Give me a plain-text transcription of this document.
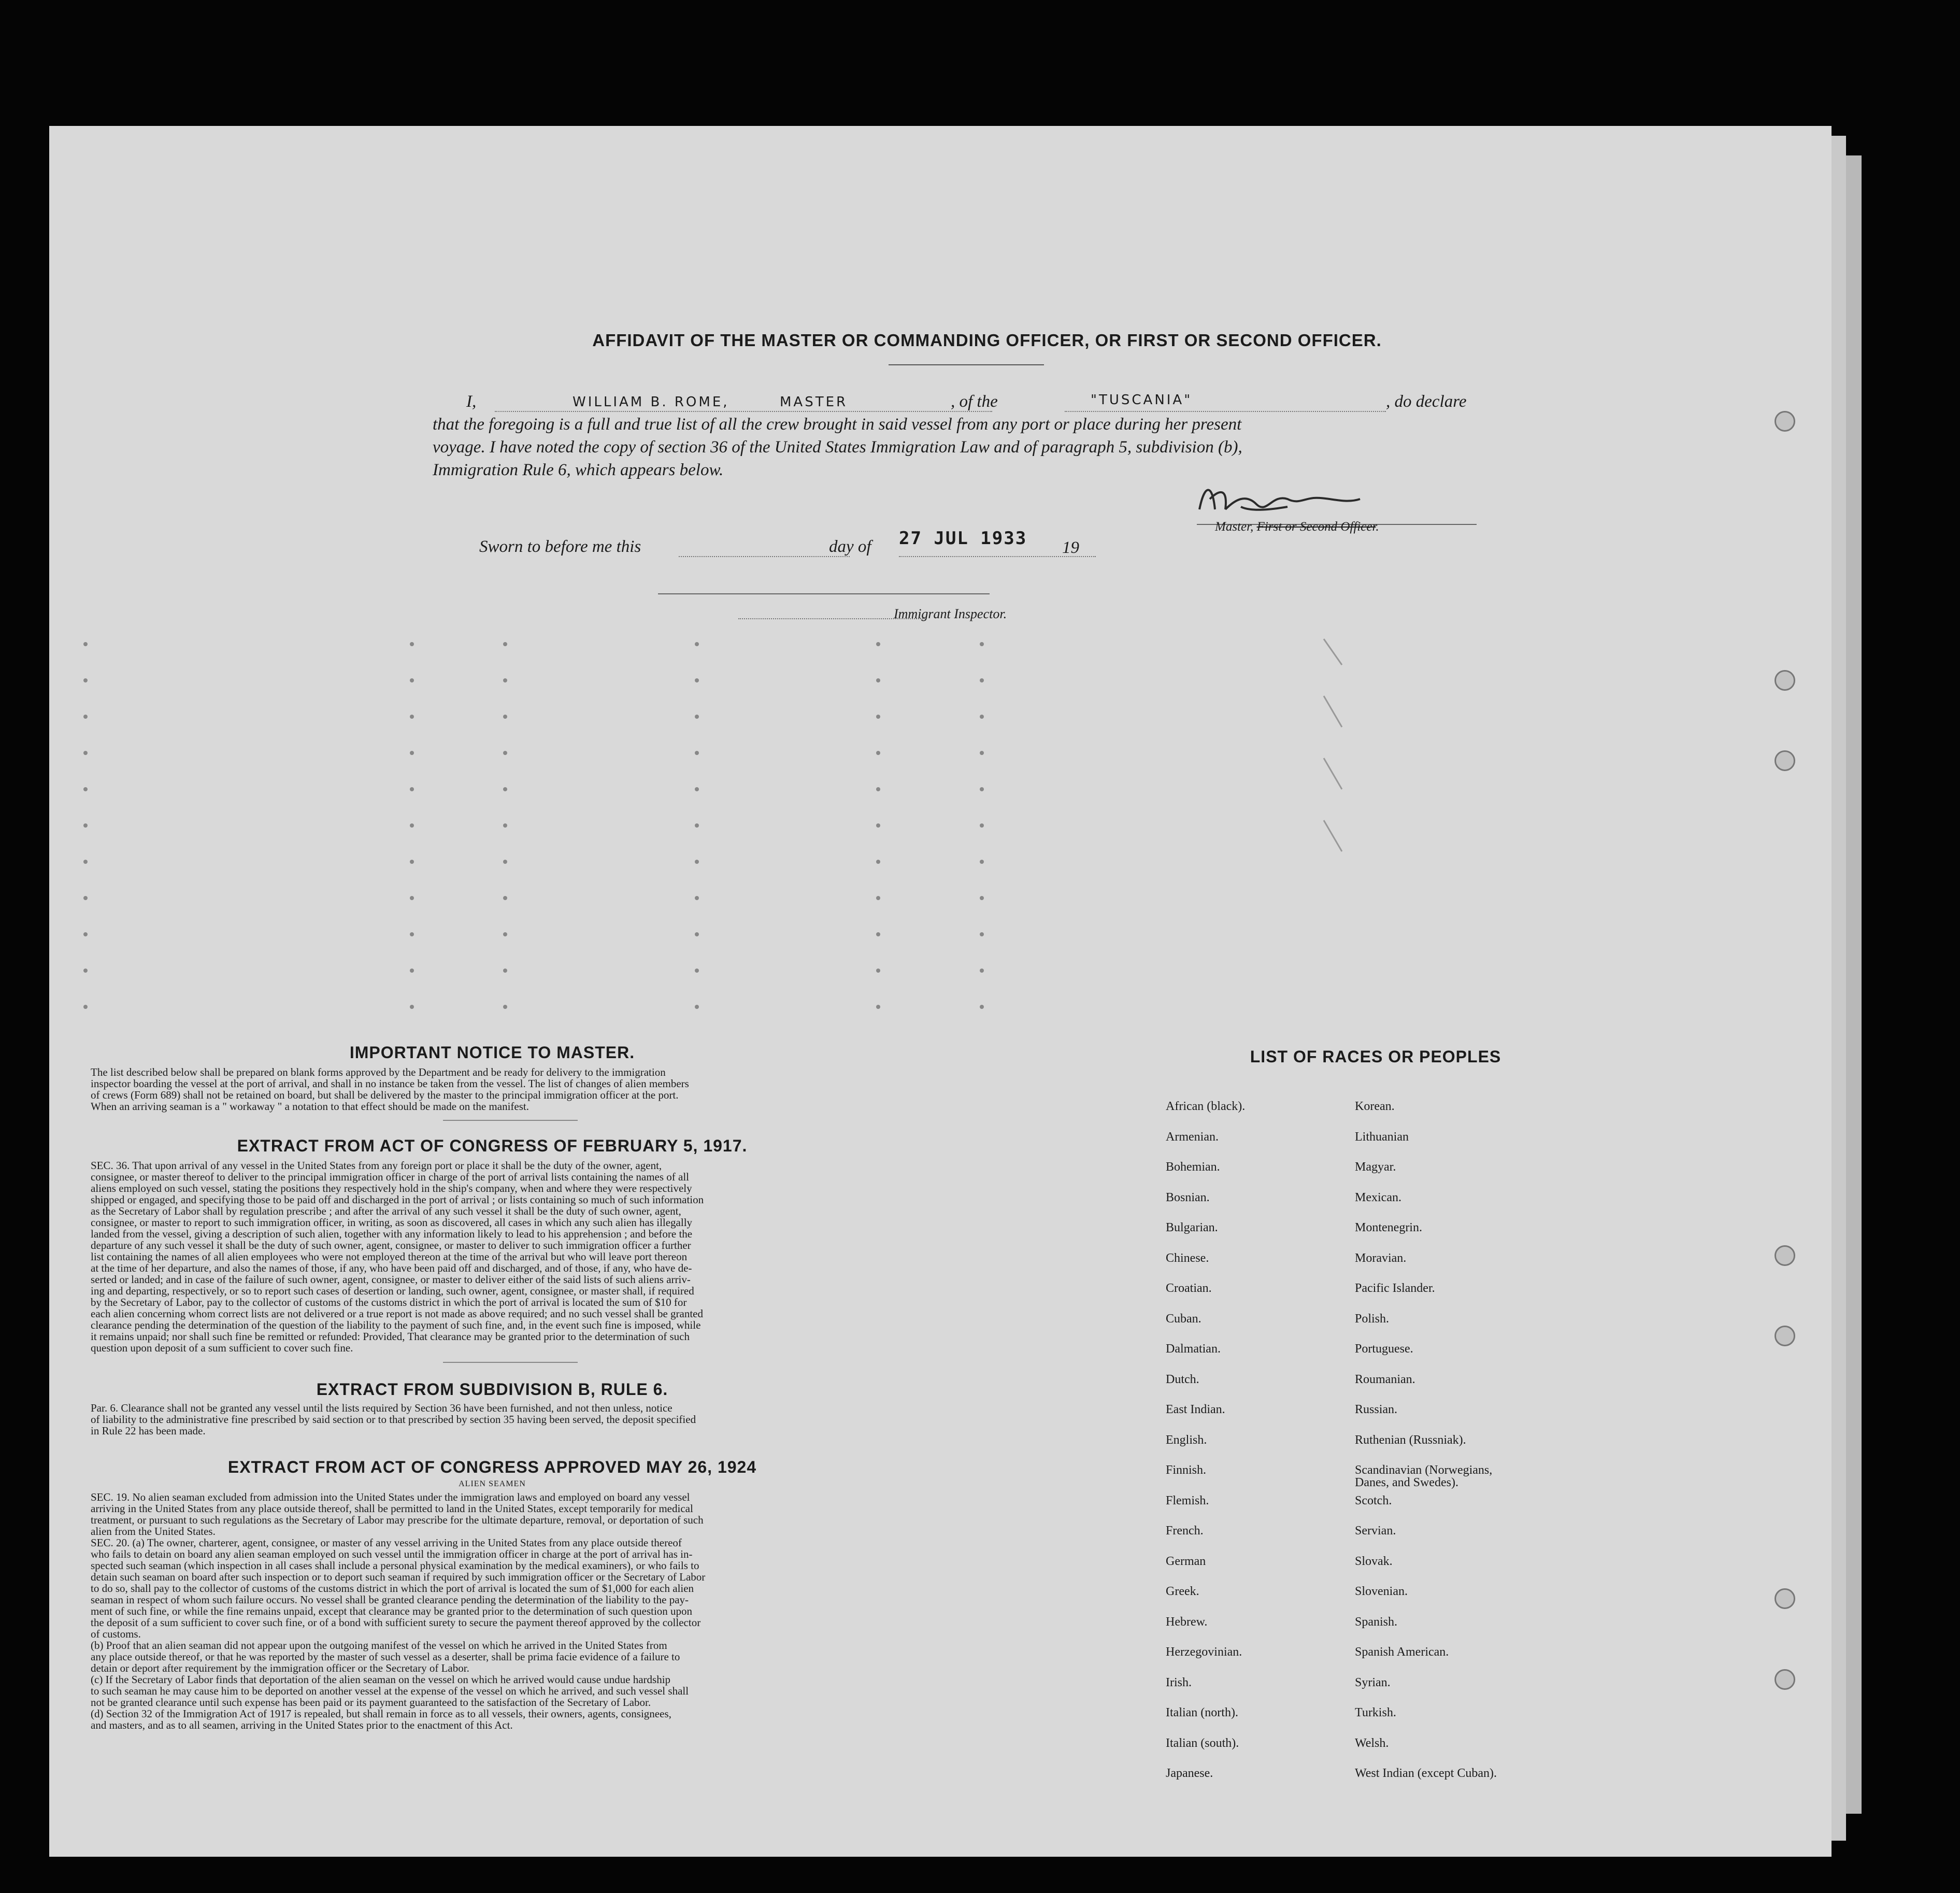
AFFIDAVIT OF THE MASTER OR COMMANDING OFFICER, OR FIRST OR SECOND OFFICER.
I,	WILLIAM B. ROME,	MASTER	, of the	"TUSCANIA"	, do declare
that the foregoing is a full and true list of all the crew brought in said vessel from any port or place during her present
voyage. I have noted the copy of section 36 of the United States Immigration Law and of paragraph 5, subdivision (b),
Immigration Rule 6, which appears below.
Master, First or Second Officer.
Sworn to before me this	day of 27 JUL 1933 19
Immigrant Inspector.
IMPORTANT NOTICE TO MASTER.
The list described below shall be prepared on blank forms approved by the Department and be ready for delivery to the immigration
inspector boarding the vessel at the port of arrival, and shall in no instance be taken from the vessel. The list of changes of alien members
of crews (Form 689) shall not be retained on board, but shall be delivered by the master to the principal immigration officer at the port.
When an arriving seaman is a " workaway " a notation to that effect should be made on the manifest.
EXTRACT FROM ACT OF CONGRESS OF FEBRUARY 5, 1917.
SEC. 36. That upon arrival of any vessel in the United States from any foreign port or place it shall be the duty of the owner, agent,
consignee, or master thereof to deliver to the principal immigration officer in charge of the port of arrival lists containing the names of all
aliens employed on such vessel, stating the positions they respectively hold in the ship's company, when and where they were respectively
shipped or engaged, and specifying those to be paid off and discharged in the port of arrival ; or lists containing so much of such information
as the Secretary of Labor shall by regulation prescribe ; and after the arrival of any such vessel it shall be the duty of such owner, agent,
consignee, or master to report to such immigration officer, in writing, as soon as discovered, all cases in which any such alien has illegally
landed from the vessel, giving a description of such alien, together with any information likely to lead to his apprehension ; and before the
departure of any such vessel it shall be the duty of such owner, agent, consignee, or master to deliver to such immigration officer a further
list containing the names of all alien employees who were not employed thereon at the time of the arrival but who will leave port thereon
at the time of her departure, and also the names of those, if any, who have been paid off and discharged, and of those, if any, who have de-
serted or landed; and in case of the failure of such owner, agent, consignee, or master to deliver either of the said lists of such aliens arriv-
ing and departing, respectively, or so to report such cases of desertion or landing, such owner, agent, consignee, or master shall, if required
by the Secretary of Labor, pay to the collector of customs of the customs district in which the port of arrival is located the sum of $10 for
each alien concerning whom correct lists are not delivered or a true report is not made as above required; and no such vessel shall be granted
clearance pending the determination of the question of the liability to the payment of such fine, and, in the event such fine is imposed, while
it remains unpaid; nor shall such fine be remitted or refunded: Provided, That clearance may be granted prior to the determination of such
question upon deposit of a sum sufficient to cover such fine.
EXTRACT FROM SUBDIVISION B, RULE 6.
Par. 6. Clearance shall not be granted any vessel until the lists required by Section 36 have been furnished, and not then unless, notice
of liability to the administrative fine prescribed by said section or to that prescribed by section 35 having been served, the deposit specified
in Rule 22 has been made.
EXTRACT FROM ACT OF CONGRESS APPROVED MAY 26, 1924
ALIEN SEAMEN
SEC. 19. No alien seaman excluded from admission into the United States under the immigration laws and employed on board any vessel
arriving in the United States from any place outside thereof, shall be permitted to land in the United States, except temporarily for medical
treatment, or pursuant to such regulations as the Secretary of Labor may prescribe for the ultimate departure, removal, or deportation of such
alien from the United States.
SEC. 20. (a) The owner, charterer, agent, consignee, or master of any vessel arriving in the United States from any place outside thereof
who fails to detain on board any alien seaman employed on such vessel until the immigration officer in charge at the port of arrival has in-
spected such seaman (which inspection in all cases shall include a personal physical examination by the medical examiners), or who fails to
detain such seaman on board after such inspection or to deport such seaman if required by such immigration officer or the Secretary of Labor
to do so, shall pay to the collector of customs of the customs district in which the port of arrival is located the sum of $1,000 for each alien
seaman in respect of whom such failure occurs. No vessel shall be granted clearance pending the determination of the liability to the pay-
ment of such fine, or while the fine remains unpaid, except that clearance may be granted prior to the determination of such question upon
the deposit of a sum sufficient to cover such fine, or of a bond with sufficient surety to secure the payment thereof approved by the collector
of customs.
(b) Proof that an alien seaman did not appear upon the outgoing manifest of the vessel on which he arrived in the United States from
any place outside thereof, or that he was reported by the master of such vessel as a deserter, shall be prima facie evidence of a failure to
detain or deport after requirement by the immigration officer or the Secretary of Labor.
(c) If the Secretary of Labor finds that deportation of the alien seaman on the vessel on which he arrived would cause undue hardship
to such seaman he may cause him to be deported on another vessel at the expense of the vessel on which he arrived, and such vessel shall
not be granted clearance until such expense has been paid or its payment guaranteed to the satisfaction of the Secretary of Labor.
(d) Section 32 of the Immigration Act of 1917 is repealed, but shall remain in force as to all vessels, their owners, agents, consignees,
and masters, and as to all seamen, arriving in the United States prior to the enactment of this Act.
LIST OF RACES OR PEOPLES
African (black).
Armenian.
Bohemian.
Bosnian.
Bulgarian.
Chinese.
Croatian.
Cuban.
Dalmatian.
Dutch.
East Indian.
English.
Finnish.
Flemish.
French.
German
Greek.
Hebrew.
Herzegovinian.
Irish.
Italian (north).
Italian (south).
Japanese.
Korean.
Lithuanian
Magyar.
Mexican.
Montenegrin.
Moravian.
Pacific Islander.
Polish.
Portuguese.
Roumanian.
Russian.
Ruthenian (Russniak).
Scandinavian (Norwegians,
Danes, and Swedes).
Scotch.
Servian.
Slovak.
Slovenian.
Spanish.
Spanish American.
Syrian.
Turkish.
Welsh.
West Indian (except Cuban).
